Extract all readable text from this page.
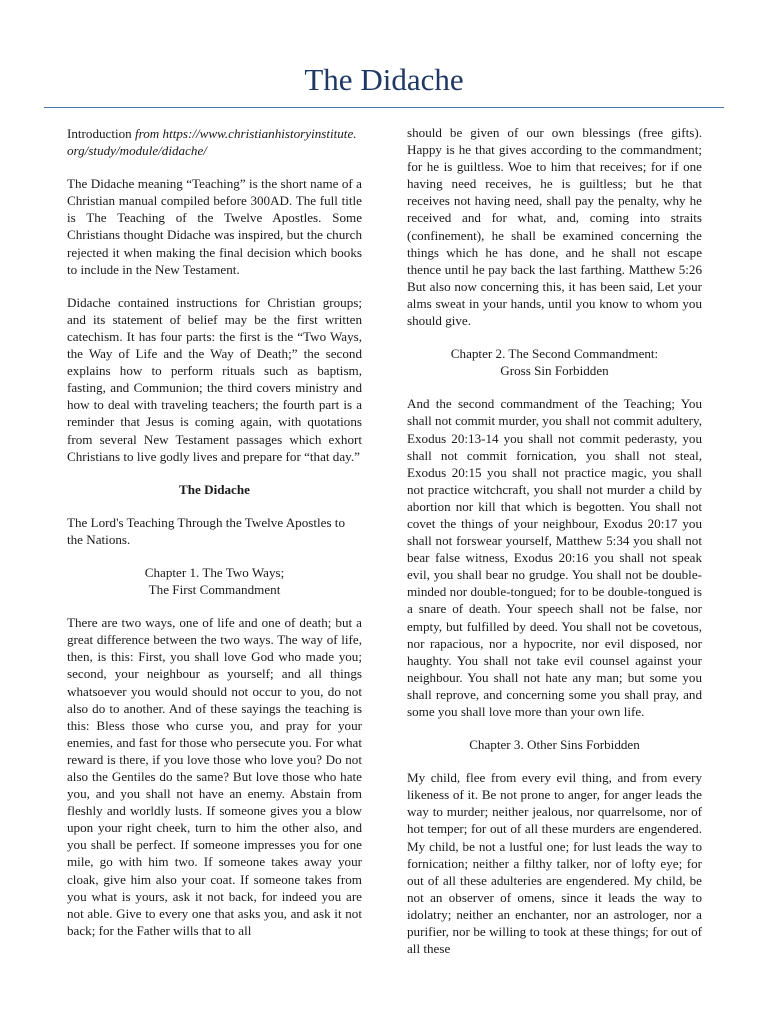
The Didache

Introduction from https://www.christianhistoryinstitute.org/study/module/didache/

The Didache meaning “Teaching” is the short name of a Christian manual compiled before 300AD. The full title is The Teaching of the Twelve Apostles. Some Christians thought Didache was inspired, but the church rejected it when making the final decision which books to include in the New Testament.

Didache contained instructions for Christian groups; and its statement of belief may be the first written catechism. It has four parts: the first is the “Two Ways, the Way of Life and the Way of Death;” the second explains how to perform rituals such as baptism, fasting, and Communion; the third covers ministry and how to deal with traveling teachers; the fourth part is a reminder that Jesus is coming again, with quotations from several New Testament passages which exhort Christians to live godly lives and prepare for “that day.”

The Didache

The Lord's Teaching Through the Twelve Apostles to the Nations.

Chapter 1. The Two Ways;
The First Commandment

There are two ways, one of life and one of death; but a great difference between the two ways. The way of life, then, is this: First, you shall love God who made you; second, your neighbour as yourself; and all things whatsoever you would should not occur to you, do not also do to another. And of these sayings the teaching is this: Bless those who curse you, and pray for your enemies, and fast for those who persecute you. For what reward is there, if you love those who love you? Do not also the Gentiles do the same? But love those who hate you, and you shall not have an enemy. Abstain from fleshly and worldly lusts. If someone gives you a blow upon your right cheek, turn to him the other also, and you shall be perfect. If someone impresses you for one mile, go with him two. If someone takes away your cloak, give him also your coat. If someone takes from you what is yours, ask it not back, for indeed you are not able. Give to every one that asks you, and ask it not back; for the Father wills that to all

should be given of our own blessings (free gifts). Happy is he that gives according to the commandment; for he is guiltless. Woe to him that receives; for if one having need receives, he is guiltless; but he that receives not having need, shall pay the penalty, why he received and for what, and, coming into straits (confinement), he shall be examined concerning the things which he has done, and he shall not escape thence until he pay back the last farthing. Matthew 5:26 But also now concerning this, it has been said, Let your alms sweat in your hands, until you know to whom you should give.

Chapter 2. The Second Commandment:
Gross Sin Forbidden

And the second commandment of the Teaching; You shall not commit murder, you shall not commit adultery, Exodus 20:13-14 you shall not commit pederasty, you shall not commit fornication, you shall not steal, Exodus 20:15 you shall not practice magic, you shall not practice witchcraft, you shall not murder a child by abortion nor kill that which is begotten. You shall not covet the things of your neighbour, Exodus 20:17 you shall not forswear yourself, Matthew 5:34 you shall not bear false witness, Exodus 20:16 you shall not speak evil, you shall bear no grudge. You shall not be double-minded nor double-tongued; for to be double-tongued is a snare of death. Your speech shall not be false, nor empty, but fulfilled by deed. You shall not be covetous, nor rapacious, nor a hypocrite, nor evil disposed, nor haughty. You shall not take evil counsel against your neighbour. You shall not hate any man; but some you shall reprove, and concerning some you shall pray, and some you shall love more than your own life.

Chapter 3. Other Sins Forbidden

My child, flee from every evil thing, and from every likeness of it. Be not prone to anger, for anger leads the way to murder; neither jealous, nor quarrelsome, nor of hot temper; for out of all these murders are engendered. My child, be not a lustful one; for lust leads the way to fornication; neither a filthy talker, nor of lofty eye; for out of all these adulteries are engendered. My child, be not an observer of omens, since it leads the way to idolatry; neither an enchanter, nor an astrologer, nor a purifier, nor be willing to took at these things; for out of all these
